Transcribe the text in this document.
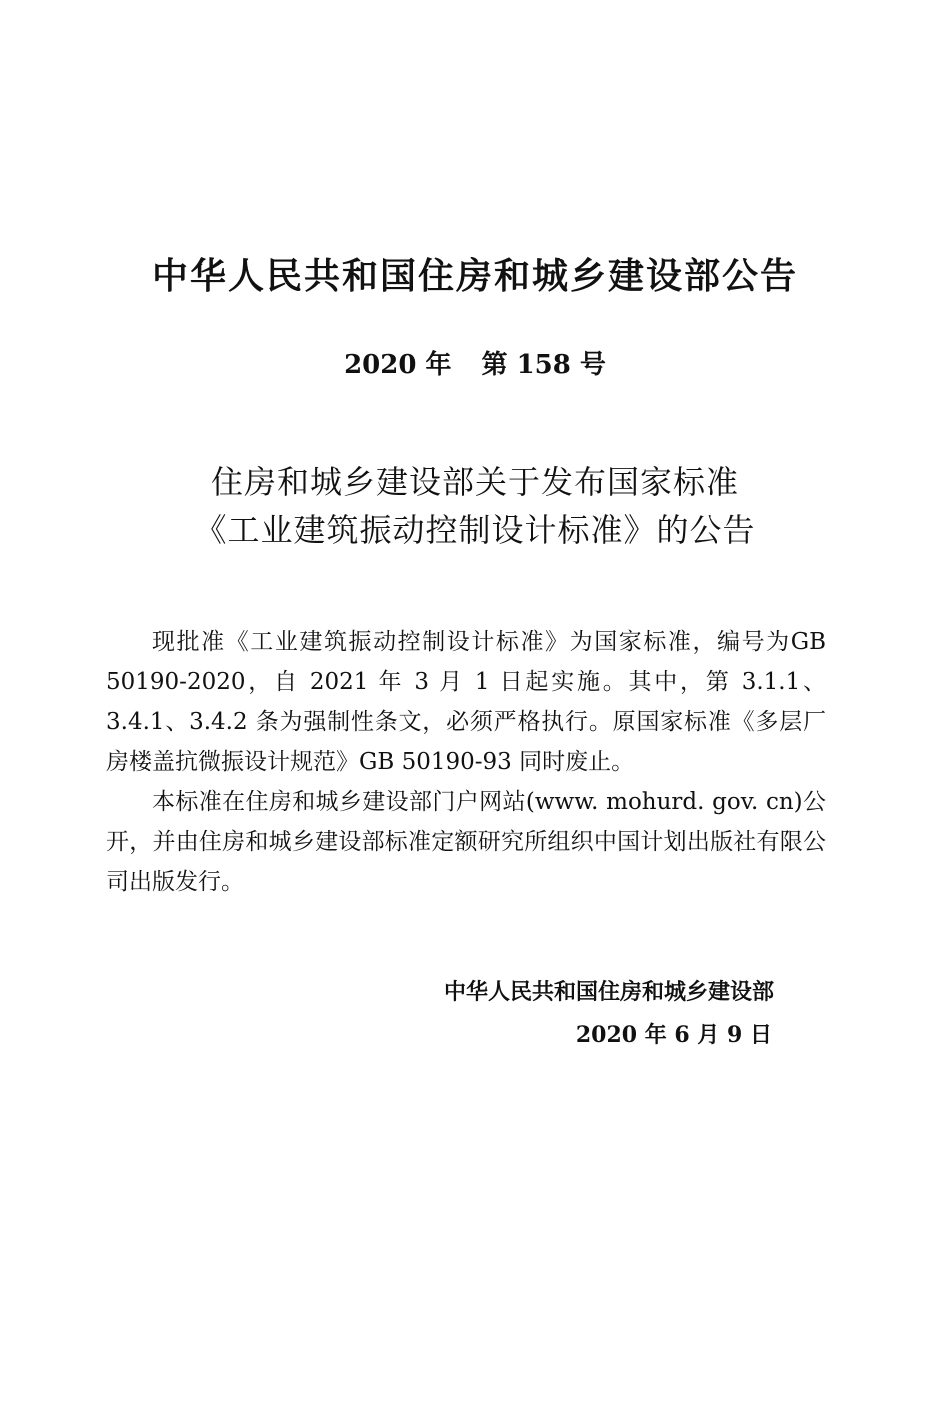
中华人民共和国住房和城乡建设部公告
2020 年 第 158 号
住房和城乡建设部关于发布国家标准
《工业建筑振动控制设计标准》的公告

现批准《工业建筑振动控制设计标准》为国家标准，编号为GB 50190-2020，自 2021 年 3 月 1 日起实施。其中，第 3.1.1、3.4.1、3.4.2 条为强制性条文，必须严格执行。原国家标准《多层厂房楼盖抗微振设计规范》GB 50190-93 同时废止。

本标准在住房和城乡建设部门户网站(www. mohurd. gov. cn)公开，并由住房和城乡建设部标准定额研究所组织中国计划出版社有限公司出版发行。

中华人民共和国住房和城乡建设部
2020 年 6 月 9 日
